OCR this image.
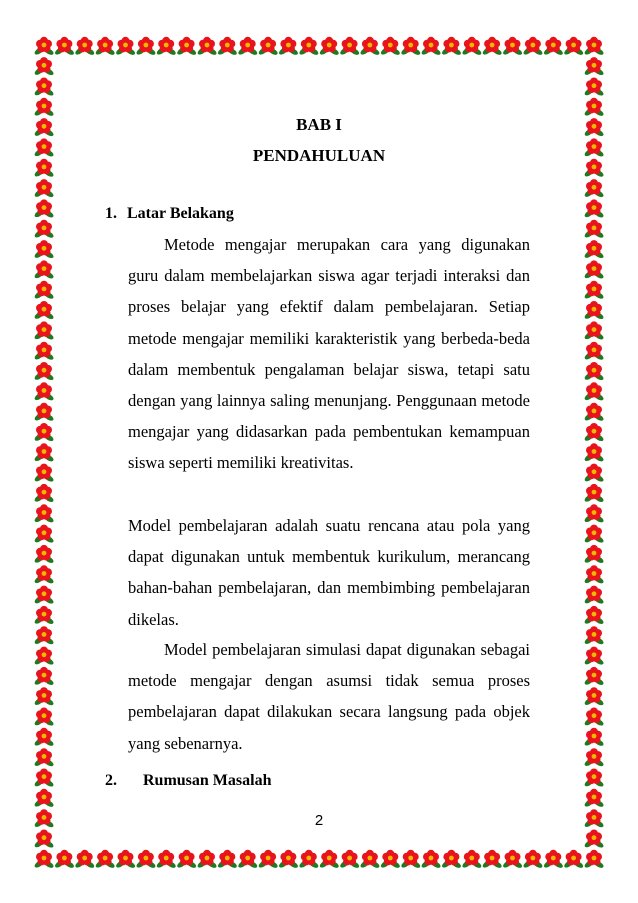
BAB I
PENDAHULUAN
1. Latar Belakang

Metode mengajar merupakan cara yang digunakan guru dalam membelajarkan siswa agar terjadi interaksi dan proses belajar yang efektif dalam pembelajaran. Setiap metode mengajar memiliki karakteristik yang berbeda-beda dalam membentuk pengalaman belajar siswa, tetapi satu dengan yang lainnya saling menunjang. Penggunaan metode mengajar yang didasarkan pada pembentukan kemampuan siswa seperti memiliki kreativitas.

Model pembelajaran adalah suatu rencana atau pola yang dapat digunakan untuk membentuk kurikulum, merancang bahan-bahan pembelajaran, dan membimbing pembelajaran dikelas.

Model pembelajaran simulasi dapat digunakan sebagai metode mengajar dengan asumsi tidak semua proses pembelajaran dapat dilakukan secara langsung pada objek yang sebenarnya.

2. Rumusan Masalah
2
